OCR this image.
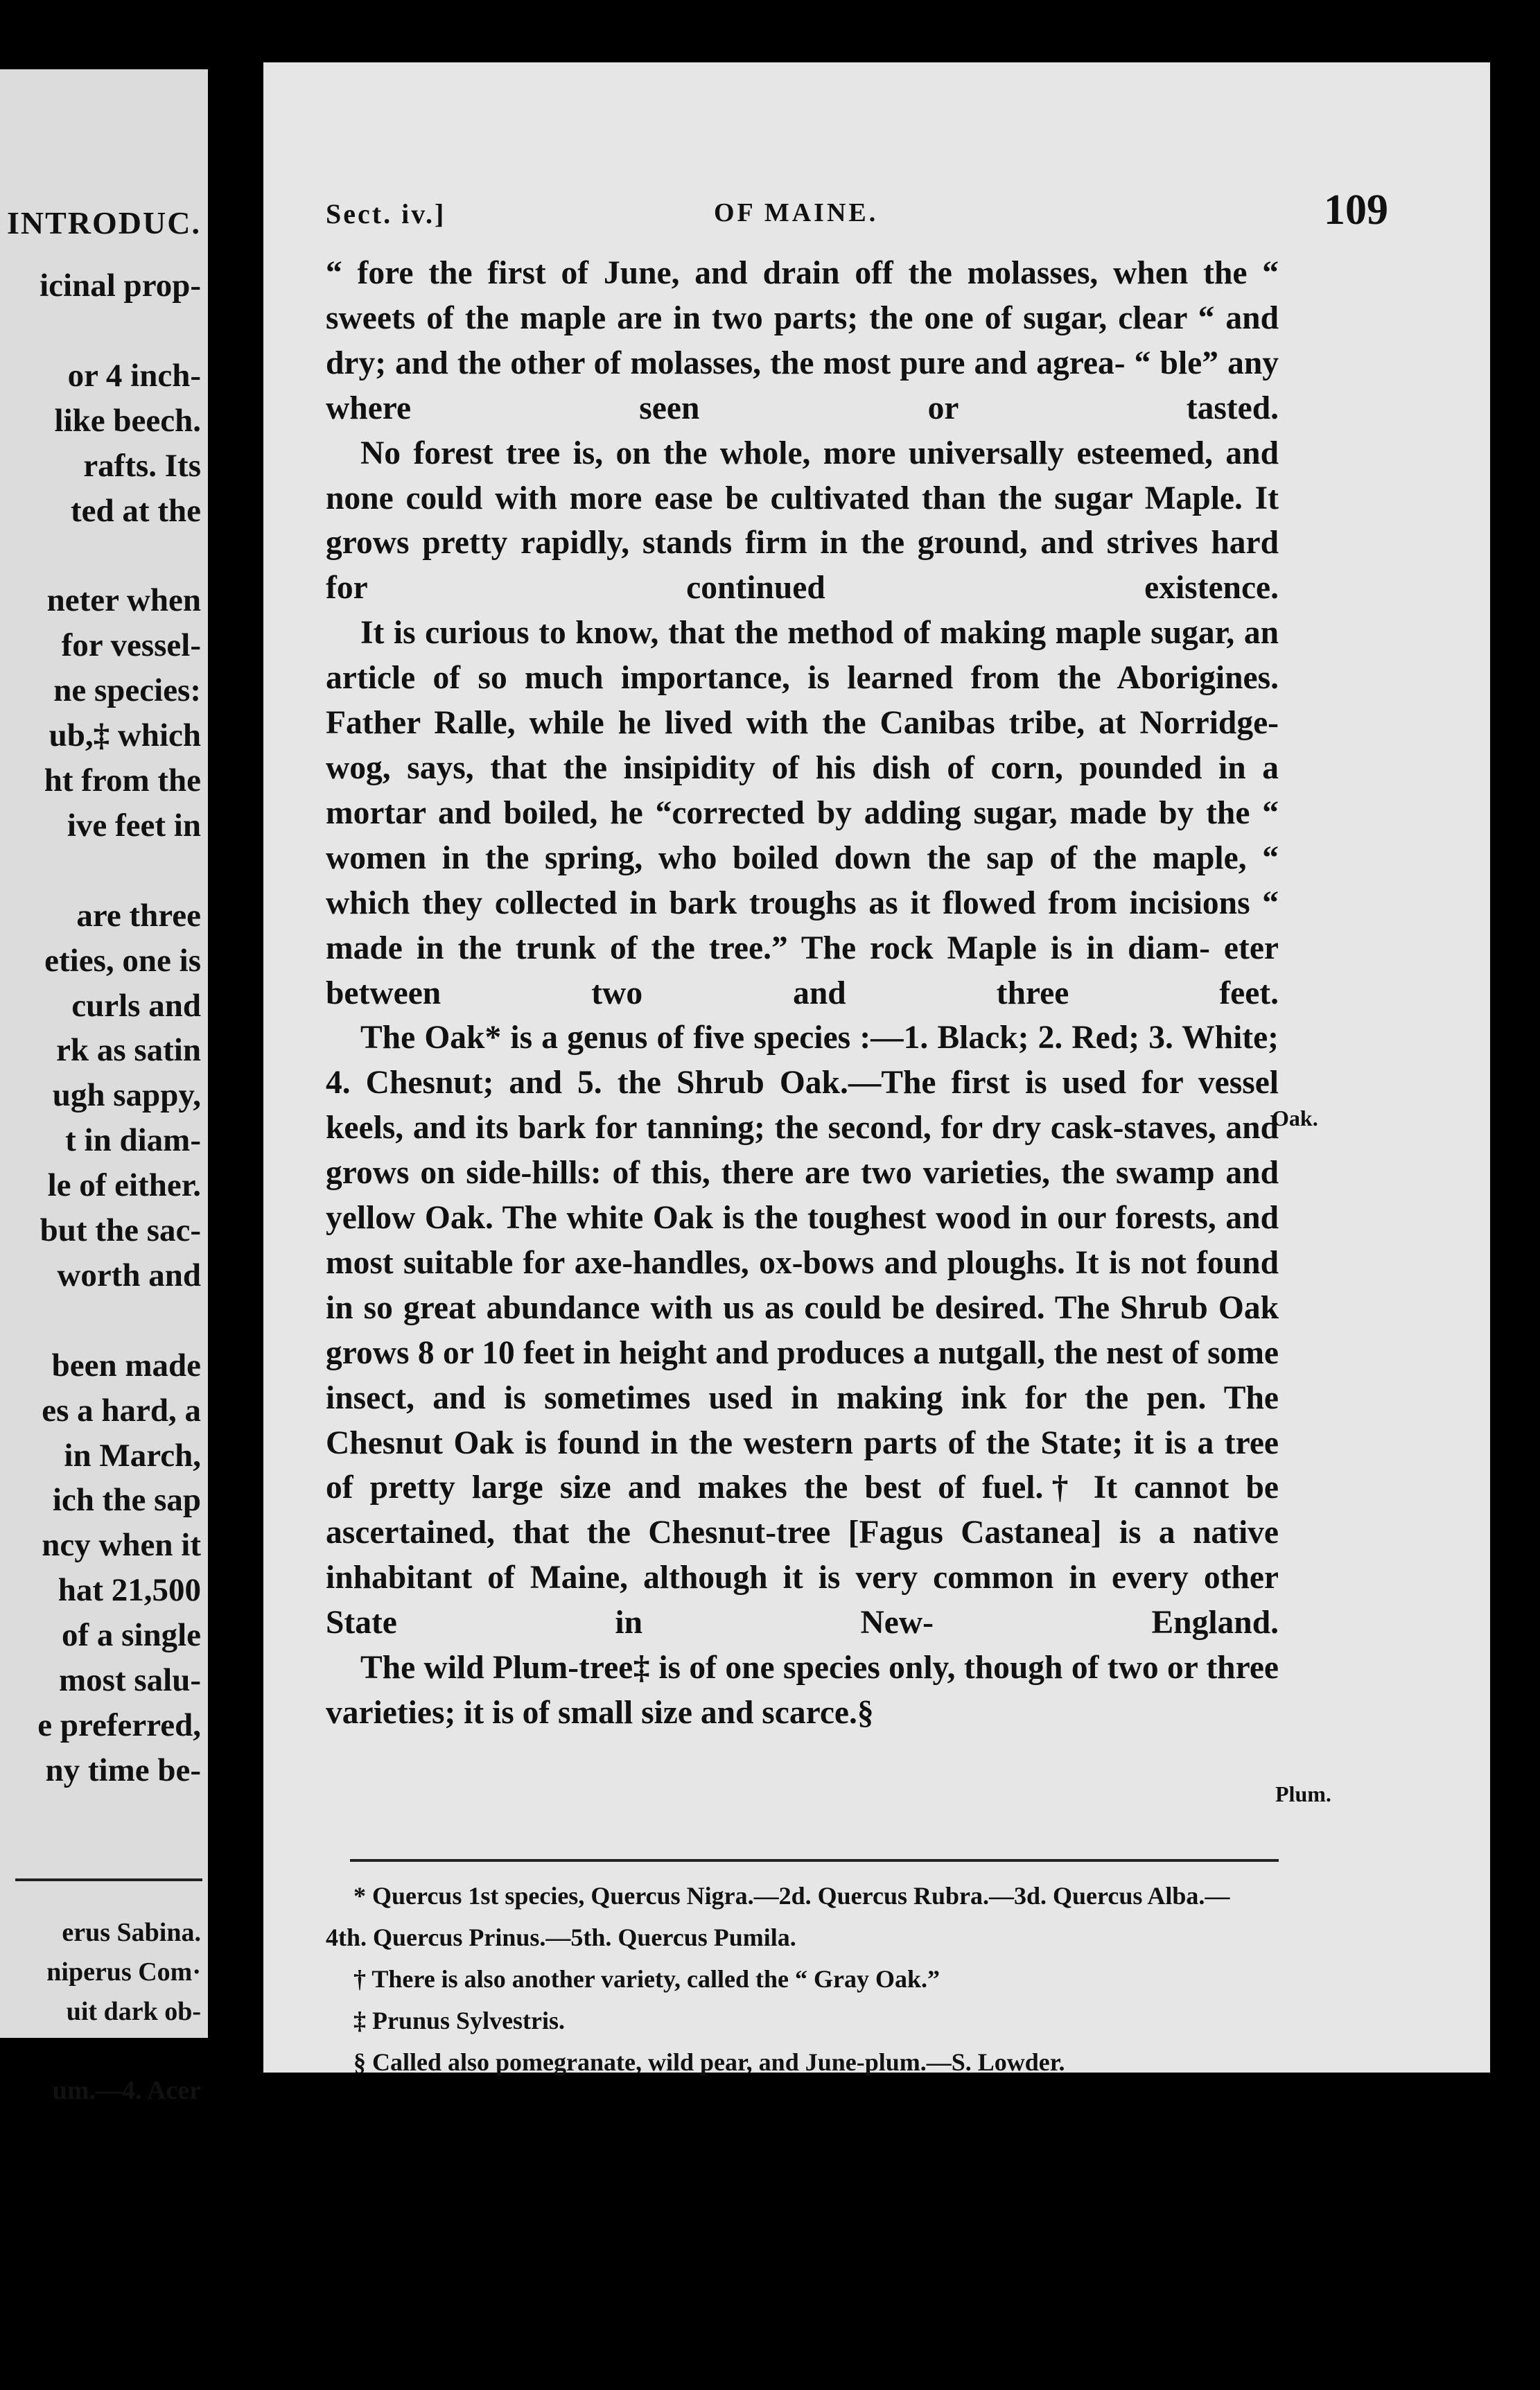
INTRODUC.
icinal prop-

or 4 inch-
like beech.
rafts. Its
ted at the

neter when
for vessel-
ne species:
ub,‡ which
ht from the
ive feet in

are three
eties, one is
curls and
rk as satin
ugh sappy,
t in diam-
le of either.
but the sac-
worth and

been made
es a hard, a
in March,
ich the sap
ncy when it
hat 21,500
of a single
most salu-
e preferred,
ny time be-
erus Sabina.
niperus Com·
uit dark ob-

um.—4. Acer
Sect. iv.]	OF MAINE.	109

“ fore the first of June, and drain off the molasses, when the “ sweets of the maple are in two parts; the one of sugar, clear “ and dry; and the other of molasses, the most pure and agrea- “ ble” any where seen or tasted.

No forest tree is, on the whole, more universally esteemed, and none could with more ease be cultivated than the sugar Maple. It grows pretty rapidly, stands firm in the ground, and strives hard for continued existence.

It is curious to know, that the method of making maple sugar, an article of so much importance, is learned from the Aborigines. Father Ralle, while he lived with the Canibas tribe, at Norridge- wog, says, that the insipidity of his dish of corn, pounded in a mortar and boiled, he “corrected by adding sugar, made by the “ women in the spring, who boiled down the sap of the maple, “ which they collected in bark troughs as it flowed from incisions “ made in the trunk of the tree.” The rock Maple is in diam- eter between two and three feet.

The Oak* is a genus of five species :—1. Black; 2. Red; 3. White; 4. Chesnut; and 5. the Shrub Oak.—The first is used for vessel keels, and its bark for tanning; the second, for dry cask-staves, and grows on side-hills: of this, there are two varieties, the swamp and yellow Oak. The white Oak is the toughest wood in our forests, and most suitable for axe-handles, ox-bows and ploughs. It is not found in so great abundance with us as could be desired. The Shrub Oak grows 8 or 10 feet in height and produces a nutgall, the nest of some insect, and is sometimes used in making ink for the pen. The Chesnut Oak is found in the western parts of the State; it is a tree of pretty large size and makes the best of fuel.† It cannot be ascertained, that the Chesnut-tree [Fagus Castanea] is a native inhabitant of Maine, although it is very common in every other State in New- England.

The wild Plum-tree‡ is of one species only, though of two or three varieties; it is of small size and scarce.§

Oak.
Plum.

* Quercus 1st species, Quercus Nigra.—2d. Quercus Rubra.—3d. Quercus Alba.—4th. Quercus Prinus.—5th. Quercus Pumila.

† There is also another variety, called the “ Gray Oak.”

‡ Prunus Sylvestris.

§ Called also pomegranate, wild pear, and June-plum.—S. Lowder.
